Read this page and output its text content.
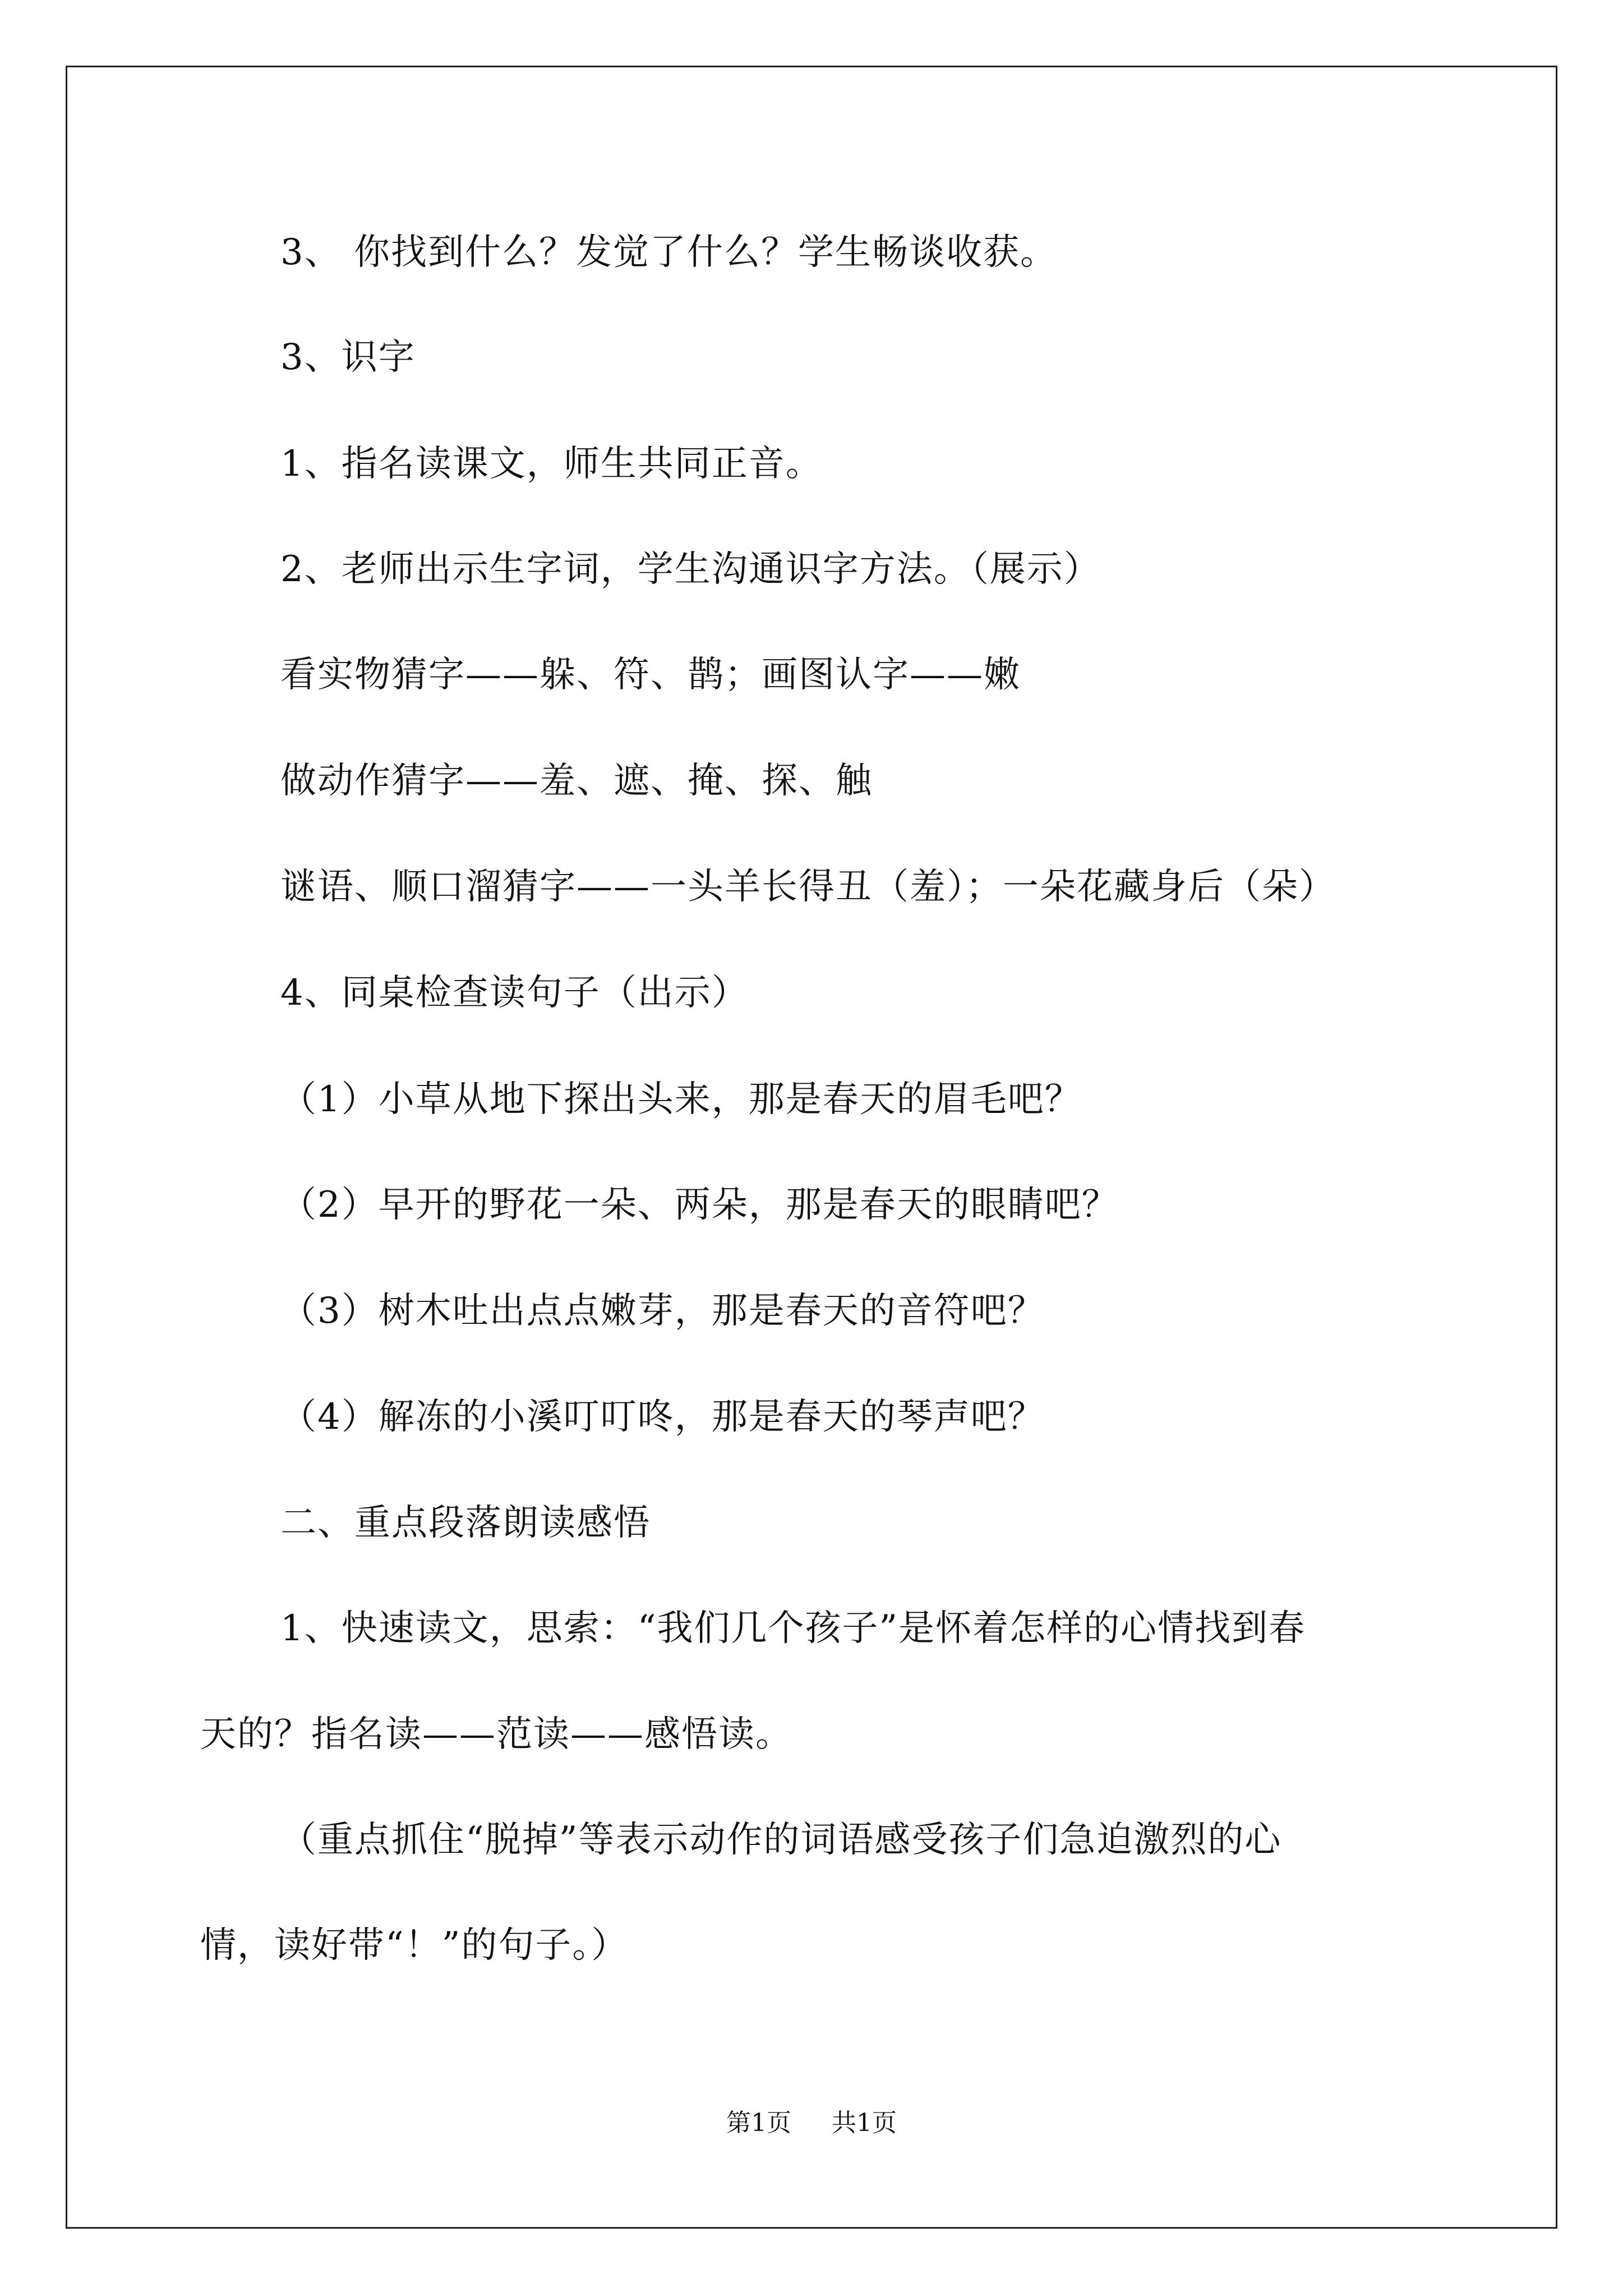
3、 你找到什么？发觉了什么？学生畅谈收获。
3、识字
1、指名读课文，师生共同正音。
2、老师出示生字词，学生沟通识字方法。（展示）
看实物猜字——躲、符、鹊；画图认字——嫩
做动作猜字——羞、遮、掩、探、触
谜语、顺口溜猜字——一头羊长得丑（羞）；一朵花藏身后（朵）
4、同桌检查读句子（出示）
（1）小草从地下探出头来，那是春天的眉毛吧？
（2）早开的野花一朵、两朵，那是春天的眼睛吧？
（3）树木吐出点点嫩芽，那是春天的音符吧？
（4）解冻的小溪叮叮咚，那是春天的琴声吧？
二、重点段落朗读感悟
1、快速读文，思索：“我们几个孩子”是怀着怎样的心情找到春
天的？指名读——范读——感悟读。
（重点抓住“脱掉”等表示动作的词语感受孩子们急迫激烈的心
情，读好带“！”的句子。）
第1页 共1页
